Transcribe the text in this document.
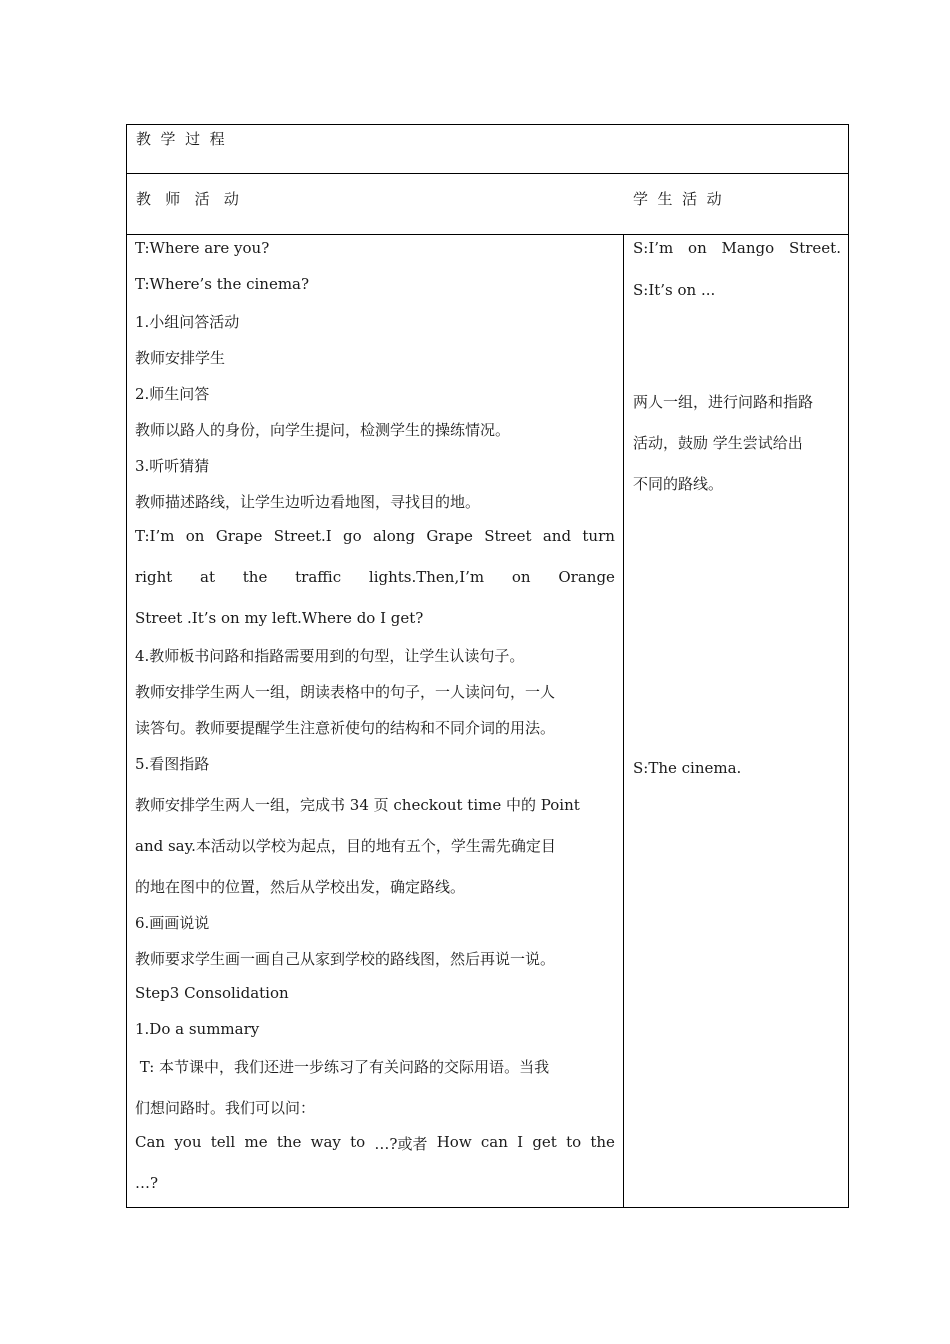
教  学  过  程
教   师   活   动	学  生  活  动
T:Where are you?
T:Where’s the cinema?
1.小组问答活动
教师安排学生
2.师生问答
教师以路人的身份，向学生提问，检测学生的操练情况。
3.听听猜猜
教师描述路线，让学生边听边看地图，寻找目的地。
T:I’m on Grape Street.I go along Grape Street and turn
right at the traffic lights.Then,I’m on Orange
Street .It’s on my left.Where do I get?
4.教师板书问路和指路需要用到的句型，让学生认读句子。
教师安排学生两人一组，朗读表格中的句子，一人读问句，一人
读答句。教师要提醒学生注意祈使句的结构和不同介词的用法。
5.看图指路
教师安排学生两人一组，完成书 34 页 checkout time 中的 Point
and say.本活动以学校为起点，目的地有五个，学生需先确定目
的地在图中的位置，然后从学校出发，确定路线。
6.画画说说
教师要求学生画一画自己从家到学校的路线图，然后再说一说。
Step3 Consolidation
1.Do a summary
T: 本节课中，我们还进一步练习了有关问路的交际用语。当我
们想问路时。我们可以问：
Can you tell me the way to …?或者 How can I get to the
…?
S:I’m on Mango Street.
S:It’s on ...
两人一组，进行问路和指路
活动，鼓励 学生尝试给出
不同的路线。
S:The cinema.
